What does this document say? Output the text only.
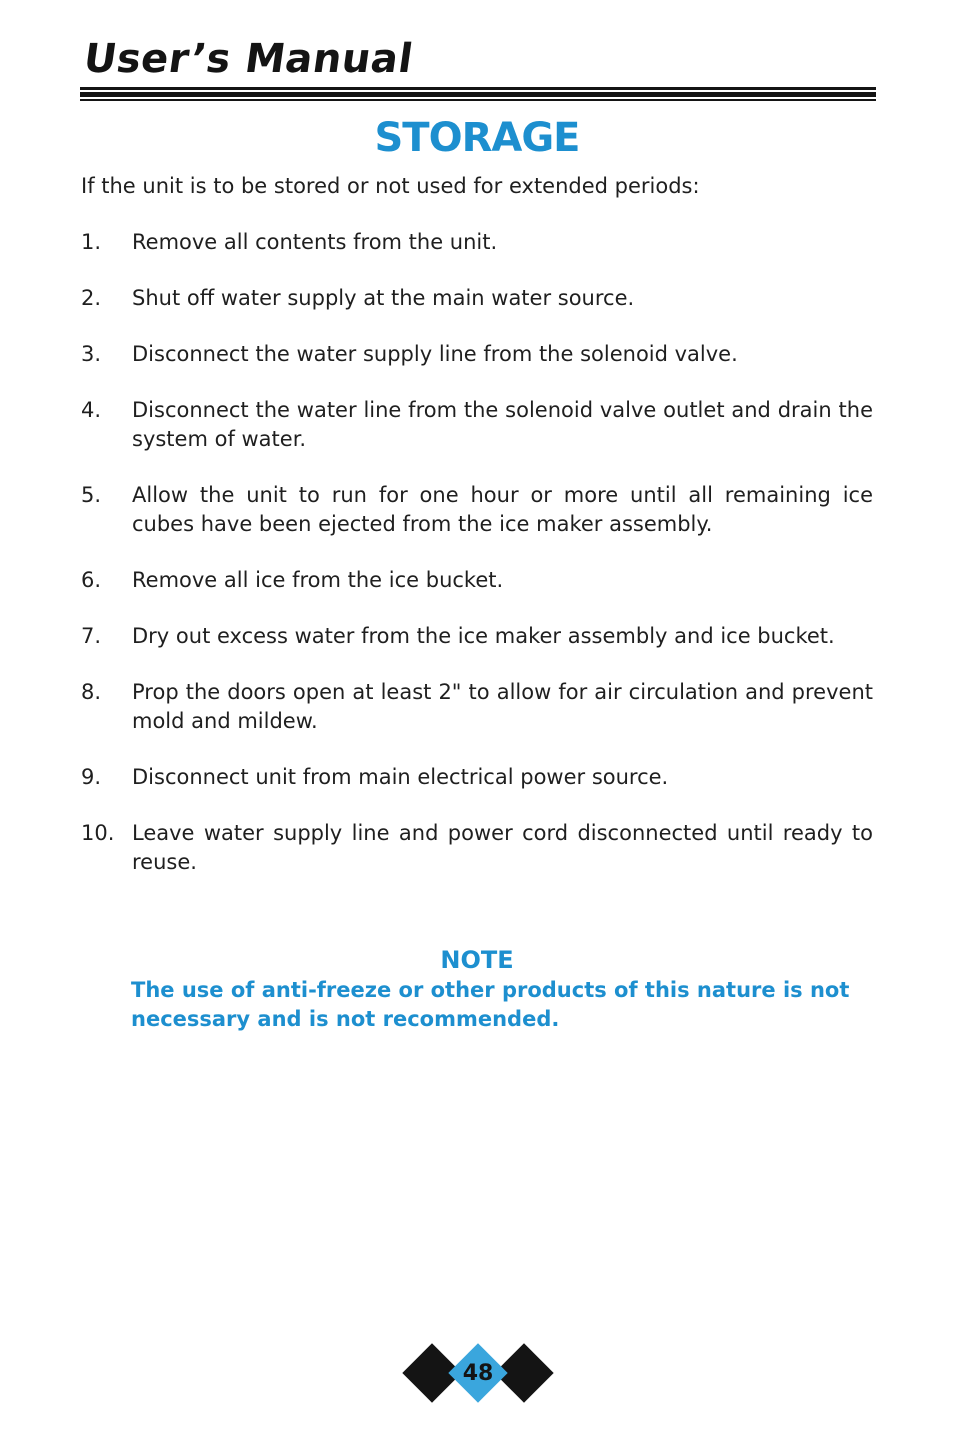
User’s Manual
STORAGE

If the unit is to be stored or not used for extended periods:

1. Remove all contents from the unit.
2. Shut off water supply at the main water source.
3. Disconnect the water supply line from the solenoid valve.
4. Disconnect the water line from the solenoid valve outlet and drain the system of water.
5. Allow the unit to run for one hour or more until all remaining ice cubes have been ejected from the ice maker assembly.
6. Remove all ice from the ice bucket.
7. Dry out excess water from the ice maker assembly and ice bucket.
8. Prop the doors open at least 2" to allow for air circulation and prevent mold and mildew.
9. Disconnect unit from main electrical power source.
10. Leave water supply line and power cord disconnected until ready to reuse.
NOTE

The use of anti-freeze or other products of this nature is not necessary and is not recommended.

48
